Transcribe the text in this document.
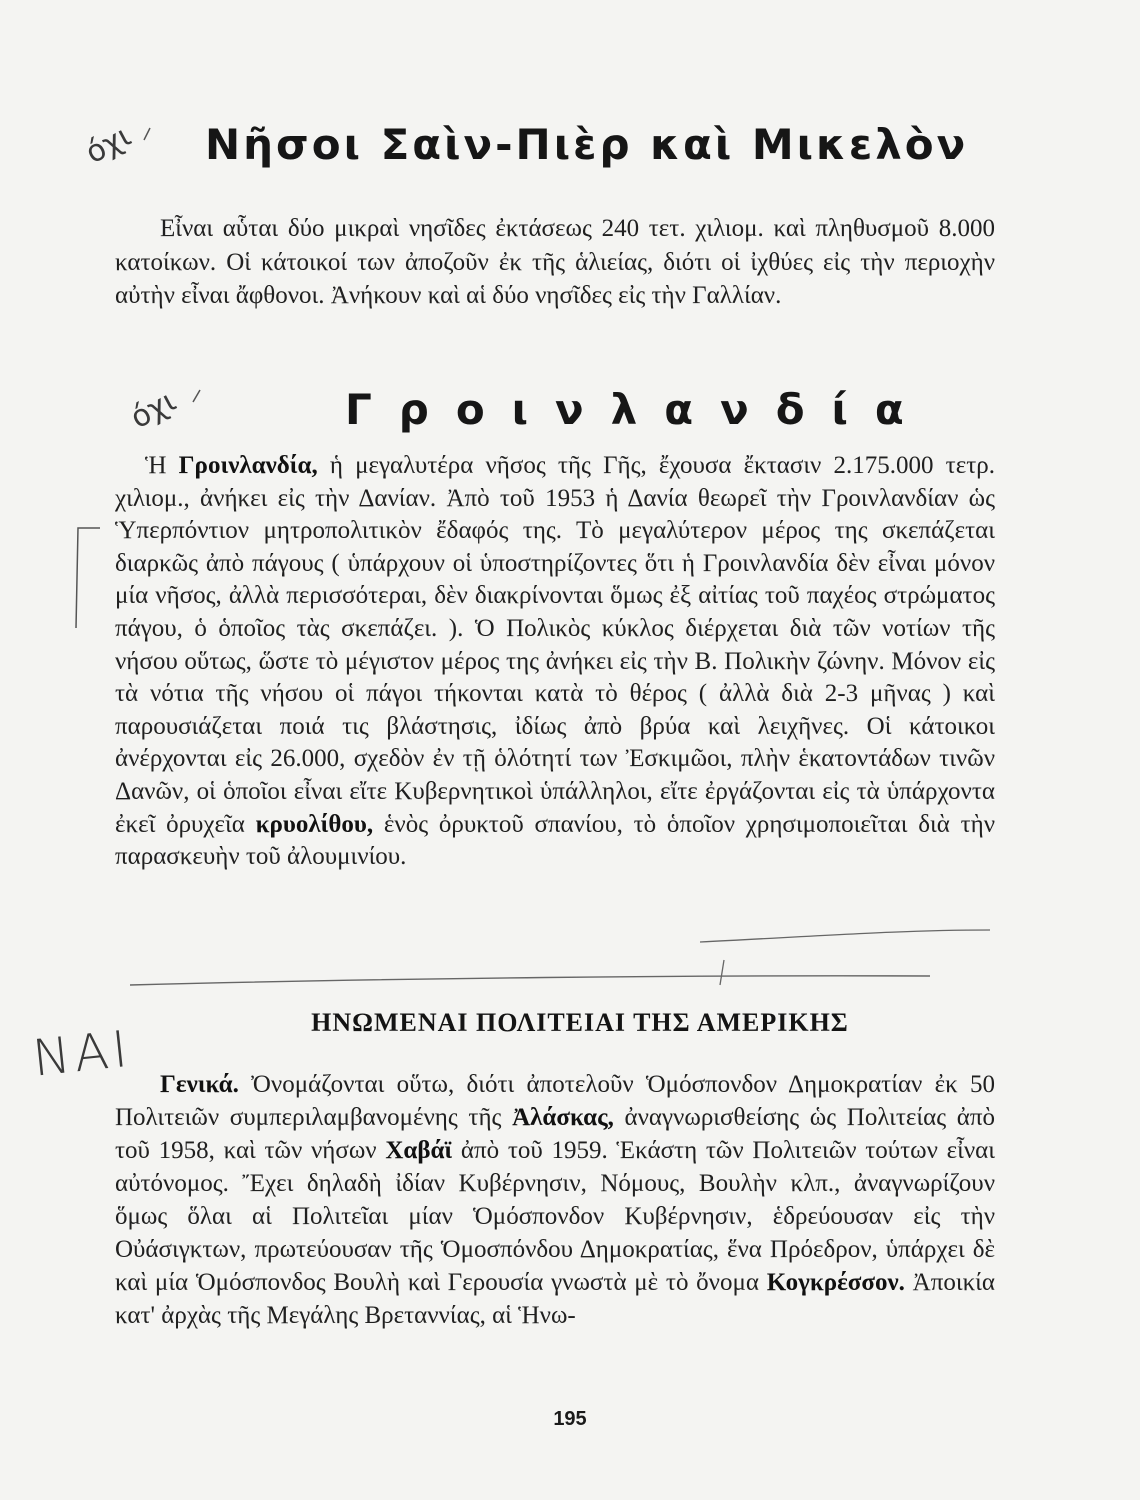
Νῆσοι Σαὶν-Πιὲρ καὶ Μικελὸν

Εἶναι αὗται δύο μικραὶ νησῖδες ἐκτάσεως 240 τετ. χιλιομ. καὶ πληθυσμοῦ 8.000 κατοίκων. Οἱ κάτοικοί των ἀποζοῦν ἐκ τῆς ἁλιείας, διότι οἱ ἰχθύες εἰς τὴν περιοχὴν αὐτὴν εἶναι ἄφθονοι. Ἀνήκουν καὶ αἱ δύο νησῖδες εἰς τὴν Γαλλίαν.

Γροινλανδία

Ἡ Γροινλανδία, ἡ μεγαλυτέρα νῆσος τῆς Γῆς, ἔχουσα ἔκτασιν 2.175.000 τετρ. χιλιομ., ἀνήκει εἰς τὴν Δανίαν. Ἀπὸ τοῦ 1953 ἡ Δανία θεωρεῖ τὴν Γροινλανδίαν ὡς Ὑπερπόντιον μητροπολιτικὸν ἔδαφός της. Τὸ μεγαλύτερον μέρος της σκεπάζεται διαρκῶς ἀπὸ πάγους ( ὑπάρχουν οἱ ὑποστηρίζοντες ὅτι ἡ Γροινλανδία δὲν εἶναι μόνον μία νῆσος, ἀλλὰ περισσότεραι, δὲν διακρίνονται ὅμως ἐξ αἰτίας τοῦ παχέος στρώματος πάγου, ὁ ὁποῖος τὰς σκεπάζει. ). Ὁ Πολικὸς κύκλος διέρχεται διὰ τῶν νοτίων τῆς νήσου οὕτως, ὥστε τὸ μέγιστον μέρος της ἀνήκει εἰς τὴν Β. Πολικὴν ζώνην. Μόνον εἰς τὰ νότια τῆς νήσου οἱ πάγοι τήκονται κατὰ τὸ θέρος ( ἀλλὰ διὰ 2-3 μῆνας ) καὶ παρουσιάζεται ποιά τις βλάστησις, ἰδίως ἀπὸ βρύα καὶ λειχῆνες. Οἱ κάτοικοι ἀνέρχονται εἰς 26.000, σχεδὸν ἐν τῇ ὁλότητί των Ἐσκιμῶοι, πλὴν ἑκατοντάδων τινῶν Δανῶν, οἱ ὁποῖοι εἶναι εἴτε Κυβερνητικοὶ ὑπάλληλοι, εἴτε ἐργάζονται εἰς τὰ ὑπάρχοντα ἐκεῖ ὀρυχεῖα κρυολίθου, ἑνὸς ὀρυκτοῦ σπανίου, τὸ ὁποῖον χρησιμοποιεῖται διὰ τὴν παρασκευὴν τοῦ ἀλουμινίου.

ΗΝΩΜΕΝΑΙ ΠΟΛΙΤΕΙΑΙ ΤΗΣ ΑΜΕΡΙΚΗΣ

Γενικά. Ὀνομάζονται οὕτω, διότι ἀποτελοῦν Ὁμόσπονδον Δημοκρατίαν ἐκ 50 Πολιτειῶν συμπεριλαμβανομένης τῆς Ἀλάσκας, ἀναγνωρισθείσης ὡς Πολιτείας ἀπὸ τοῦ 1958, καὶ τῶν νήσων Χαβάϊ ἀπὸ τοῦ 1959. Ἑκάστη τῶν Πολιτειῶν τούτων εἶναι αὐτόνομος. Ἔχει δηλαδὴ ἰδίαν Κυβέρνησιν, Νόμους, Βουλὴν κλπ., ἀναγνωρίζουν ὅμως ὅλαι αἱ Πολιτεῖαι μίαν Ὁμόσπονδον Κυβέρνησιν, ἑδρεύουσαν εἰς τὴν Οὐάσιγκτων, πρωτεύουσαν τῆς Ὁμοσπόνδου Δημοκρατίας, ἕνα Πρόεδρον, ὑπάρχει δὲ καὶ μία Ὁμόσπονδος Βουλὴ καὶ Γερουσία γνωστὰ μὲ τὸ ὄνομα Κογκρέσσον. Ἀποικία κατ' ἀρχὰς τῆς Μεγάλης Βρεταννίας, αἱ Ἡνω-

195
όχι
όχι
ΝΑΙ
